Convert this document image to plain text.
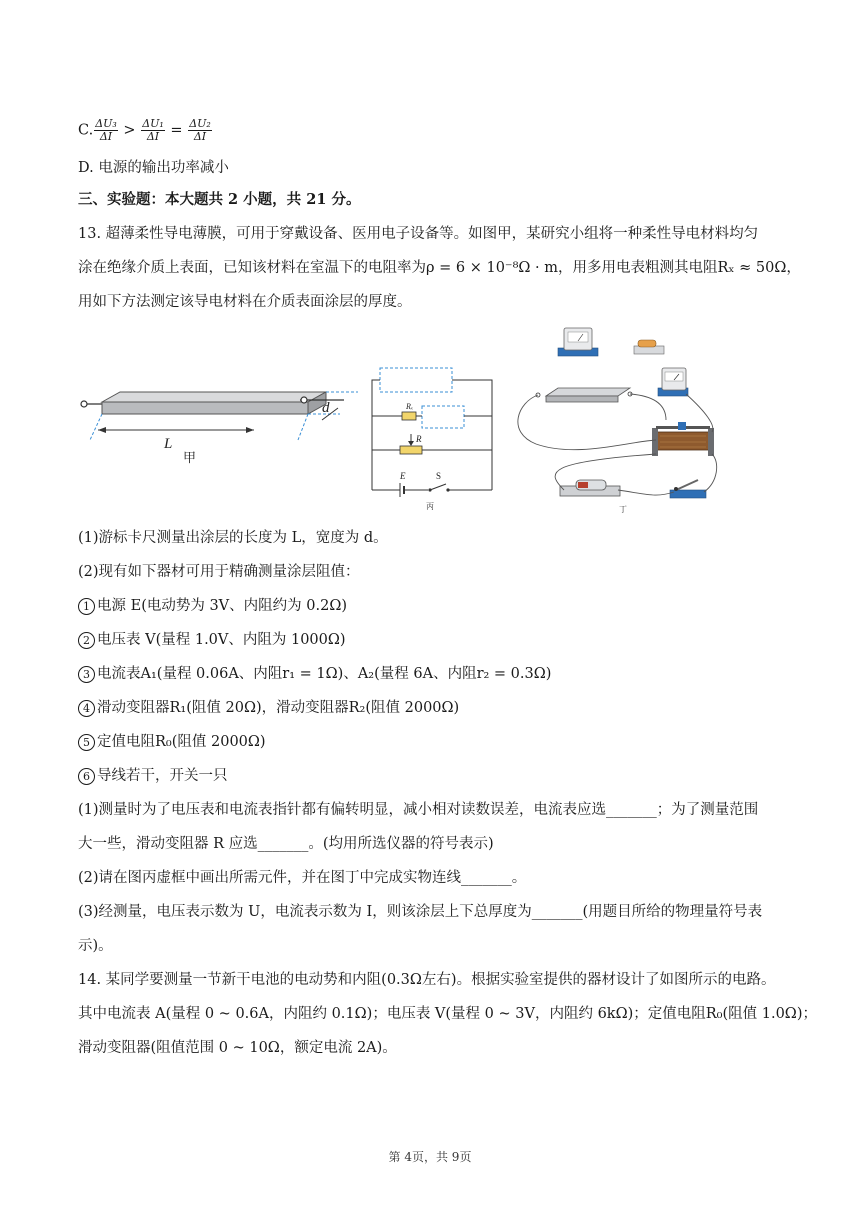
C. $\frac{\text{ΔU₃}}{\Delta I} > \frac{\text{ΔU₁}}{\Delta I} = \frac{\text{ΔU₂}}{\Delta I}$
D. 电源的输出功率减小
三、实验题：本大题共 2 小题，共 21 分。
13. 超薄柔性导电薄膜，可用于穿戴设备、医用电子设备等。如图甲，某研究小组将一种柔性导电材料均匀
涂在绝缘介质上表面，已知该材料在室温下的电阻率为ρ = 6 × 10⁻⁸Ω · m，用多用电表粗测其电阻Rₓ ≈ 50Ω，
用如下方法测定该导电材料在介质表面涂层的厚度。
L
d
甲
Rₓ
R
E	S
丙	丁
(1)游标卡尺测量出涂层的长度为 L，宽度为 d。
(2)现有如下器材可用于精确测量涂层阻值：
1 电源 E(电动势为 3V、内阻约为 0.2Ω)
2 电压表 V(量程 1.0V、内阻为 1000Ω)
3 电流表A₁(量程 0.06A、内阻r₁ = 1Ω)、A₂(量程 6A、内阻r₂ = 0.3Ω)
4 滑动变阻器R₁(阻值 20Ω)，滑动变阻器R₂(阻值 2000Ω)
5 定值电阻R₀(阻值 2000Ω)
6 导线若干，开关一只
(1)测量时为了电压表和电流表指针都有偏转明显，减小相对读数误差，电流表应选_______；为了测量范围
大一些，滑动变阻器 R 应选_______。(均用所选仪器的符号表示)
(2)请在图丙虚框中画出所需元件，并在图丁中完成实物连线_______。
(3)经测量，电压表示数为 U，电流表示数为 I，则该涂层上下总厚度为_______(用题目所给的物理量符号表
示)。
14. 某同学要测量一节新干电池的电动势和内阻(0.3Ω左右)。根据实验室提供的器材设计了如图所示的电路。
其中电流表 A(量程 0 ~ 0.6A，内阻约 0.1Ω)；电压表 V(量程 0 ~ 3V，内阻约 6kΩ)；定值电阻R₀(阻值 1.0Ω)；
滑动变阻器(阻值范围 0 ~ 10Ω，额定电流 2A)。
第 4页，共 9页
